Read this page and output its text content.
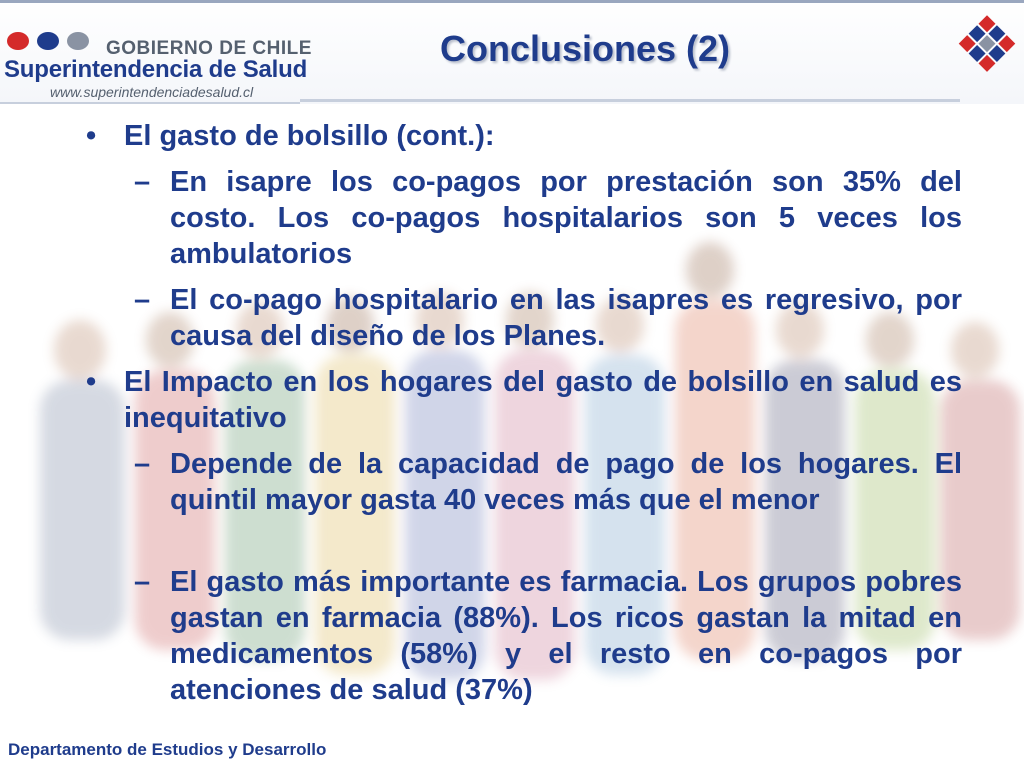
GOBIERNO DE CHILE
Superintendencia de Salud
www.superintendenciadesalud.cl
Conclusiones (2)
• El gasto de bolsillo (cont.):
– En isapre los co-pagos por prestación son 35% del costo. Los co-pagos hospitalarios son 5 veces los ambulatorios
– El co-pago hospitalario en las isapres es regresivo, por causa del diseño de los Planes.
• El Impacto en los hogares del gasto de bolsillo en salud es inequitativo
– Depende de la capacidad de pago de los hogares. El quintil mayor gasta 40 veces más que el menor
– El gasto más importante es farmacia. Los grupos pobres gastan en farmacia (88%). Los ricos gastan la mitad en medicamentos (58%) y el resto en co-pagos por atenciones de salud (37%)
Departamento de Estudios y Desarrollo
